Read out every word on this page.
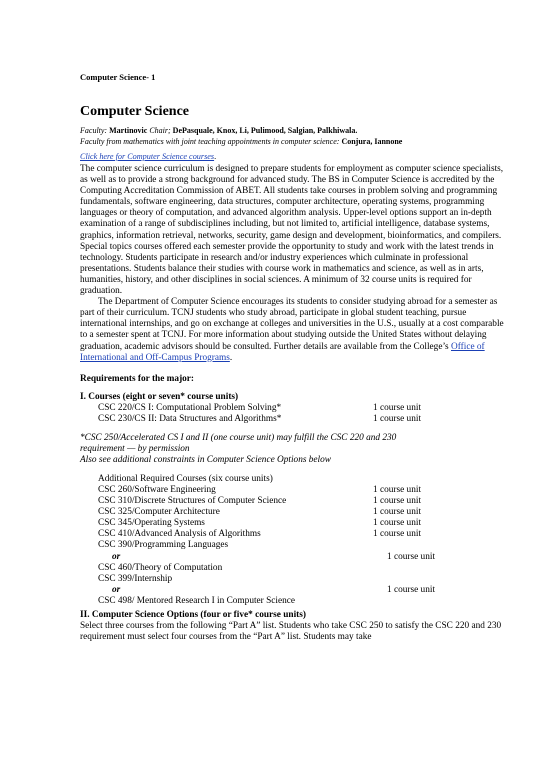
Computer Science- 1
Computer Science
Faculty: Martinovic Chair; DePasquale, Knox, Li, Pulimood, Salgian, Palkhiwala.
Faculty from mathematics with joint teaching appointments in computer science: Conjura, Iannone
Click here for Computer Science courses.

The computer science curriculum is designed to prepare students for employment as computer science specialists, as well as to provide a strong background for advanced study. The BS in Computer Science is accredited by the Computing Accreditation Commission of ABET. All students take courses in problem solving and programming fundamentals, software engineering, data structures, computer architecture, operating systems, programming languages or theory of computation, and advanced algorithm analysis. Upper-level options support an in-depth examination of a range of subdisciplines including, but not limited to, artificial intelligence, database systems, graphics, information retrieval, networks, security, game design and development, bioinformatics, and compilers. Special topics courses offered each semester provide the opportunity to study and work with the latest trends in technology. Students participate in research and/or industry experiences which culminate in professional presentations. Students balance their studies with course work in mathematics and science, as well as in arts, humanities, history, and other disciplines in social sciences. A minimum of 32 course units is required for graduation.

The Department of Computer Science encourages its students to consider studying abroad for a semester as part of their curriculum. TCNJ students who study abroad, participate in global student teaching, pursue international internships, and go on exchange at colleges and universities in the U.S., usually at a cost comparable to a semester spent at TCNJ. For more information about studying outside the United States without delaying graduation, academic advisors should be consulted. Further details are available from the College’s Office of International and Off-Campus Programs.

Requirements for the major:
I. Courses (eight or seven* course units)
CSC 220/CS I: Computational Problem Solving*	1 course unit
CSC 230/CS II: Data Structures and Algorithms*	1 course unit
*CSC 250/Accelerated CS I and II (one course unit) may fulfill the CSC 220 and 230
requirement — by permission
Also see additional constraints in Computer Science Options below
Additional Required Courses (six course units)
CSC 260/Software Engineering	1 course unit
CSC 310/Discrete Structures of Computer Science	1 course unit
CSC 325/Computer Architecture	1 course unit
CSC 345/Operating Systems	1 course unit
CSC 410/Advanced Analysis of Algorithms	1 course unit
CSC 390/Programming Languages
or	1 course unit
CSC 460/Theory of Computation
CSC 399/Internship
or	1 course unit
CSC 498/ Mentored Research I in Computer Science
II. Computer Science Options (four or five* course units)
Select three courses from the following “Part A” list. Students who take CSC 250 to satisfy the CSC 220 and 230 requirement must select four courses from the “Part A” list. Students may take
